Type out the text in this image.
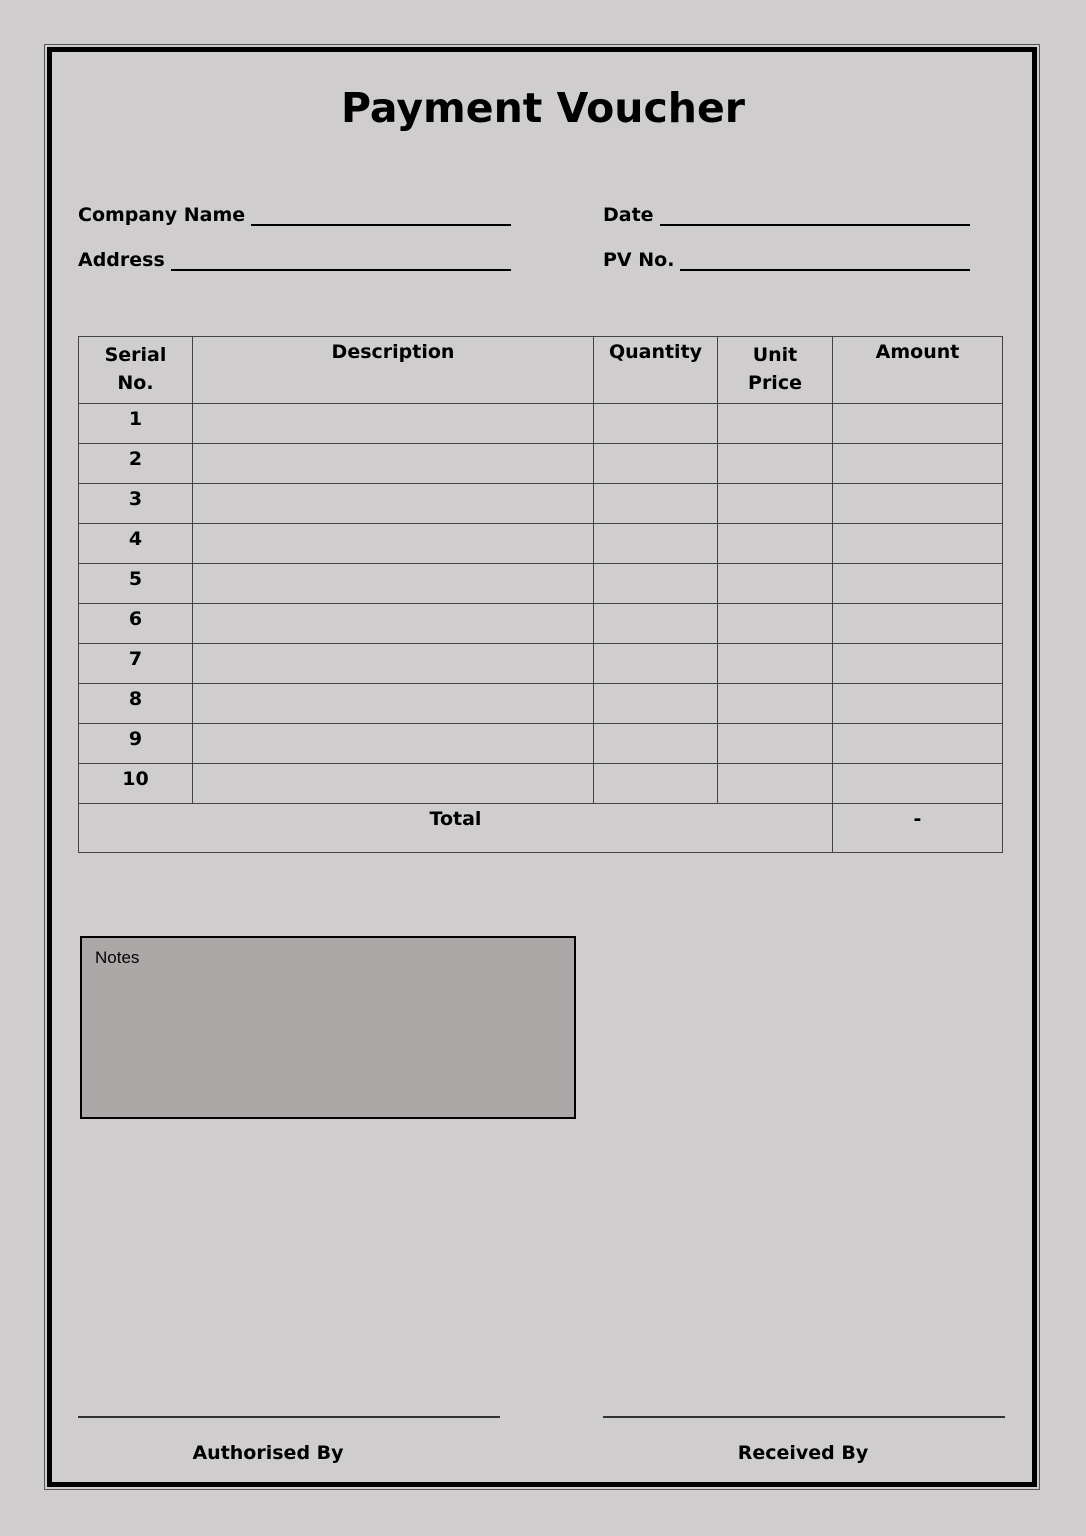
Payment Voucher
Company Name
Address
Date
PV No.
Serial No.	Description	Quantity	Unit Price	Amount
1				
2				
3				
4				
5				
6				
7				
8				
9				
10				
Total				-
Notes
Authorised By	Received By
